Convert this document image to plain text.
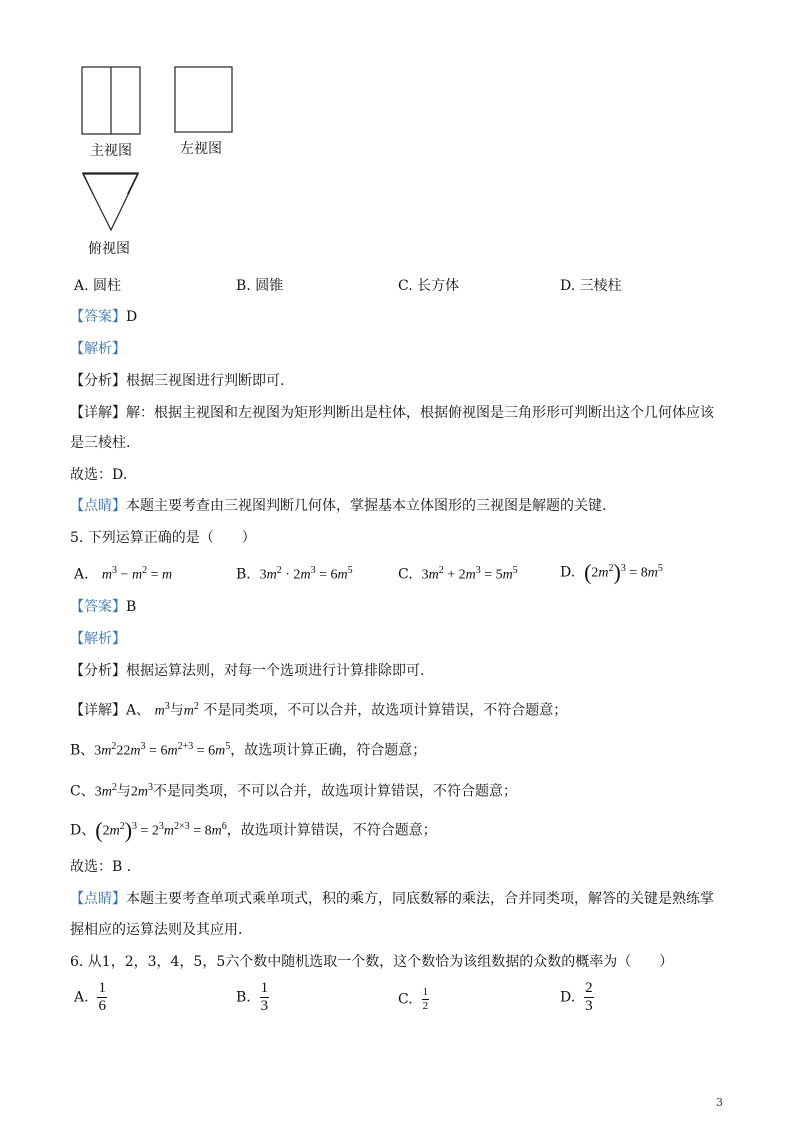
主视图	左视图
俯视图
A. 圆柱	B. 圆锥	C. 长方体	D. 三棱柱
【答案】D
【解析】
【分析】根据三视图进行判断即可.
【详解】解：根据主视图和左视图为矩形判断出是柱体，根据俯视图是三角形形可判断出这个几何体应该
是三棱柱.
故选：D.
【点睛】本题主要考查由三视图判断几何体，掌握基本立体图形的三视图是解题的关键.
5. 下列运算正确的是（　　）
A.   $m^3 - m^2 = m$	B.  $3m^2 \cdot 2m^3 = 6m^5$	C.  $3m^2 + 2m^3 = 5m^5$	D.  $(2m^2)^3 = 8m^5$
【答案】B
【解析】
【分析】根据运算法则，对每一个选项进行计算排除即可.
【详解】A、 $m^3$与$m^2$ 不是同类项，不可以合并，故选项计算错误，不符合题意；
B、$3m^222m^3 = 6m^{2+3} = 6m^5$，故选项计算正确，符合题意；
C、$3m^2$与$2m^3$不是同类项，不可以合并，故选项计算错误，不符合题意；
D、$(2m^2)^3 = 2^3m^{2\times 3} = 8m^6$，故选项计算错误，不符合题意；
故选：B .
【点睛】本题主要考查单项式乘单项式，积的乘方，同底数幂的乘法，合并同类项，解答的关键是熟练掌
握相应的运算法则及其应用.
6. 从1，2，3，4，5，5六个数中随机选取一个数，这个数恰为该组数据的众数的概率为（　　）
A. $\frac{1}{6}$	B. $\frac{1}{3}$	C. $\frac{1}{2}$	D. $\frac{2}{3}$
3
